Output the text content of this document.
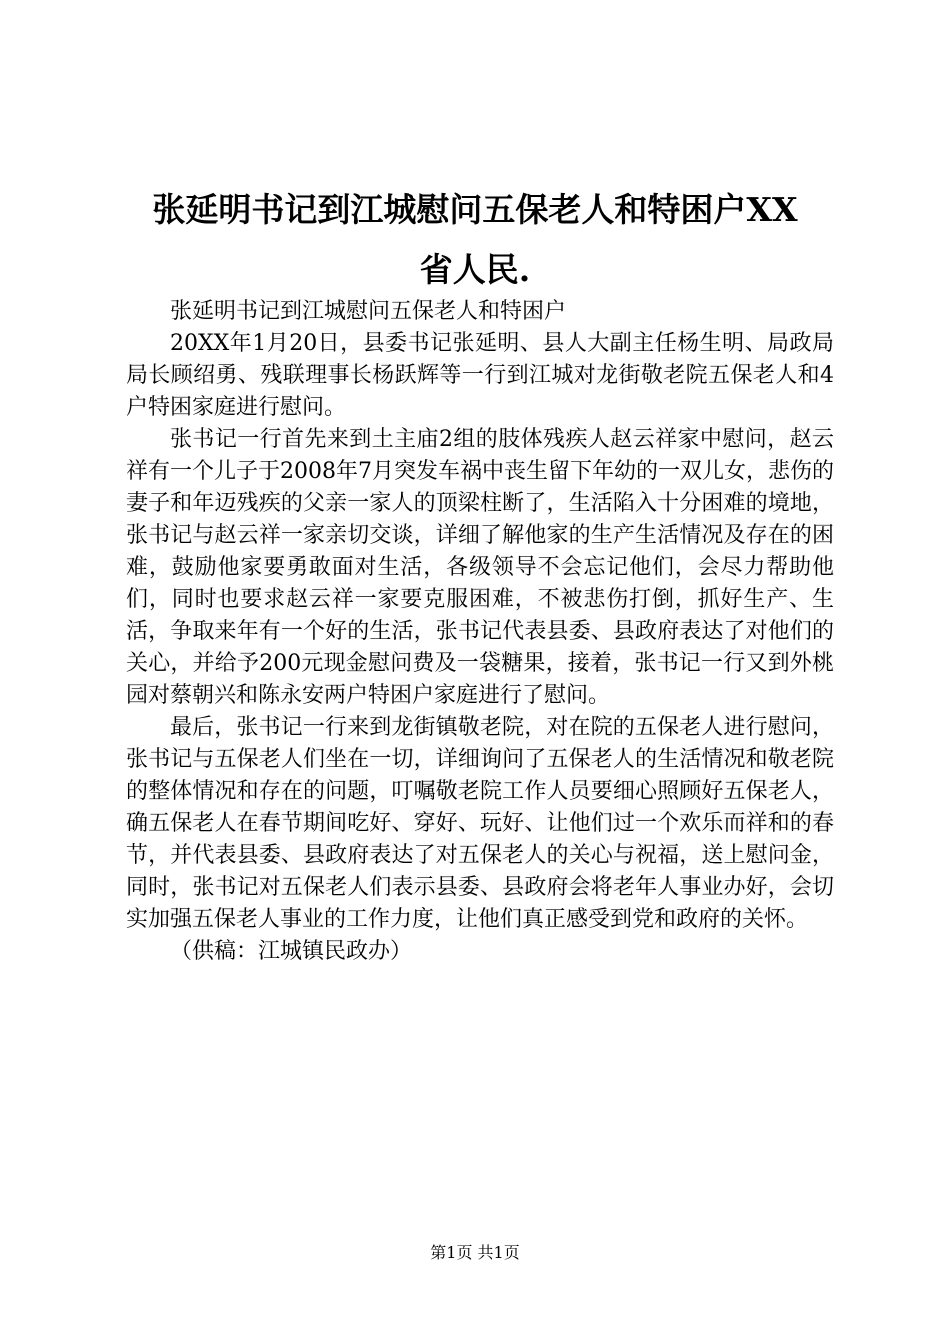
张延明书记到江城慰问五保老人和特困户XX
省人民.

张延明书记到江城慰问五保老人和特困户

20XX年1月20日，县委书记张延明、县人大副主任杨生明、局政局局长顾绍勇、残联理事长杨跃辉等一行到江城对龙街敬老院五保老人和4户特困家庭进行慰问。

张书记一行首先来到土主庙2组的肢体残疾人赵云祥家中慰问，赵云祥有一个儿子于2008年7月突发车祸中丧生留下年幼的一双儿女，悲伤的妻子和年迈残疾的父亲一家人的顶梁柱断了，生活陷入十分困难的境地，张书记与赵云祥一家亲切交谈，详细了解他家的生产生活情况及存在的困难，鼓励他家要勇敢面对生活，各级领导不会忘记他们，会尽力帮助他们，同时也要求赵云祥一家要克服困难，不被悲伤打倒，抓好生产、生活，争取来年有一个好的生活，张书记代表县委、县政府表达了对他们的关心，并给予200元现金慰问费及一袋糖果，接着，张书记一行又到外桃园对蔡朝兴和陈永安两户特困户家庭进行了慰问。

最后，张书记一行来到龙街镇敬老院，对在院的五保老人进行慰问，张书记与五保老人们坐在一切，详细询问了五保老人的生活情况和敬老院的整体情况和存在的问题，叮嘱敬老院工作人员要细心照顾好五保老人，确五保老人在春节期间吃好、穿好、玩好、让他们过一个欢乐而祥和的春节，并代表县委、县政府表达了对五保老人的关心与祝福，送上慰问金，同时，张书记对五保老人们表示县委、县政府会将老年人事业办好，会切实加强五保老人事业的工作力度，让他们真正感受到党和政府的关怀。

（供稿：江城镇民政办）

第1页 共1页
